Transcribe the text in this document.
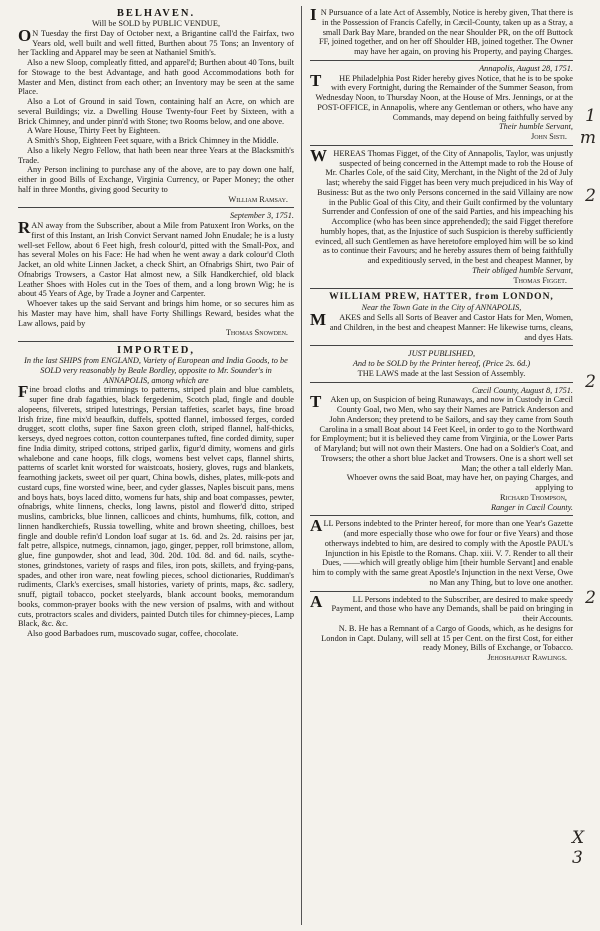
BELHAVEN.

Will be SOLD by PUBLIC VENDUE,

ON Tuesday the first Day of October next, a Brigantine call'd the Fairfax, two Years old, well built and well fitted, Burthen about 75 Tons; an Inventory of her Tackling and Apparel may be seen at Nathaniel Smith's.

Also a new Sloop, compleatly fitted, and apparel'd; Burthen about 40 Tons, built for Stowage to the best Advantage, and hath good Accommodations both for Master and Men, distinct from each other; an Inventory may be seen at the same Place.

Also a Lot of Ground in said Town, containing half an Acre, on which are several Buildings; viz. a Dwelling House Twenty-four Feet by Sixteen, with a Brick Chimney, and under pinn'd with Stone; two Rooms below, and one above.

A Ware House, Thirty Feet by Eighteen.

A Smith's Shop, Eighteen Feet square, with a Brick Chimney in the Middle.

Also a likely Negro Fellow, that hath been near three Years at the Blacksmith's Trade.

Any Person inclining to purchase any of the above, are to pay down one half, either in good Bills of Exchange, Virginia Currency, or Paper Money; the other half in three Months, giving good Security to

William Ramsay.

September 3, 1751.

RAN away from the Subscriber, about a Mile from Patuxent Iron Works, on the first of this Instant, an Irish Convict Servant named John Enudale; he is a lusty well-set Fellow, about 6 Feet high, fresh colour'd, pitted with the Small-Pox, and has several Moles on his Face: He had when he went away a dark colour'd Cloth Jacket, an old white Linnen Jacket, a check Shirt, an Ofnabrigs Shirt, two Pair of Ofnabrigs Trowsers, a Castor Hat almost new, a Silk Handkerchief, old black Leather Shoes with Holes cut in the Toes of them, and a long brown Wig; he is about 45 Years of Age, by Trade a Joyner and Carpenter.

Whoever takes up the said Servant and brings him home, or so secures him as his Master may have him, shall have Forty Shillings Reward, besides what the Law allows, paid by

Thomas Snowden.

IMPORTED,

In the last SHIPS from ENGLAND, Variety of European and India Goods, to be SOLD very reasonably by Beale Bordley, opposite to Mr. Sounder's in ANNAPOLIS, among which are

Fine broad cloths and trimmings to patterns, striped plain and blue camblets, super fine drab fagathies, black fergedenim, Scotch plad, fingle and double alopeens, filverets, striped lutestrings, Persian taffeties, scarlet bays, fine broad Irish frize, fine mix'd beaufkin, duffels, spotted flannel, imbossed ferges, corded drugget, scott cloths, super fine Saxon green cloth, striped flannel, half-thicks, kerseys, dyed negroes cotton, cotton counterpanes tufted, fine corded dimity, super fine India dimity, striped cottons, striped garlix, figur'd dimity, womens and girls whalebone and cane hoops, filk clogs, womens best velvet caps, flannel shirts, patterns of scarlet knit worsted for waistcoats, hosiery, gloves, rugs and blankets, fearnothing jackets, sweet oil per quart, China bowls, dishes, plates, milk-pots and custard cups, fine worsted wine, beer, and cyder glasses, Naples biscuit pans, mens and boys hats, boys laced ditto, womens fur hats, ship and boat compasses, pewter, ofnabrigs, white linnens, checks, long lawns, pistol and flower'd ditto, striped muslins, cambricks, blue linnen, callicoes and chints, humhums, filk, cotton, and linnen handkerchiefs, Russia towelling, white and brown sheeting, chilloes, best fingle and double refin'd London loaf sugar at 1s. 6d. and 2s. 2d. raisins per jar, falt petre, allspice, nutmegs, cinnamon, jago, ginger, pepper, roll brimstone, allom, glue, fine gunpowder, shot and lead, 30d. 20d. 10d. 8d. and 6d. nails, scythe-stones, grindstones, variety of rasps and files, iron pots, skillets, and frying-pans, spades, and other iron ware, neat fowling pieces, school dictionaries, Ruddiman's rudiments, Clark's exercises, small histories, variety of prints, maps, &c. sadlery, snuff, pigtail tobacco, pocket steelyards, blank account books, memorandum books, common-prayer books with the new version of psalms, with and without cuts, protractors scales and dividers, painted Dutch tiles for chimney-pieces, Lamp Black, &c. &c.

Also good Barbadoes rum, muscovado sugar, coffee, chocolate.

IN Pursuance of a late Act of Assembly, Notice is hereby given, That there is in the Possession of Francis Cafelly, in Cæcil-County, taken up as a Stray, a small Dark Bay Mare, branded on the near Shoulder PR, on the off Buttock FF, joined together, and on her off Shoulder HB, joined together. The Owner may have her again, on proving his Property, and paying Charges.

Annapolis, August 28, 1751.

THE Philadelphia Post Rider hereby gives Notice, that he is to be spoke with every Fortnight, during the Remainder of the Summer Season, from Wednesday Noon, to Thursday Noon, at the House of Mrs. Jennings, or at the POST-OFFICE, in Annapolis, where any Gentleman or others, who have any Commands, may depend on being faithfully served by

Their humble Servant,

John Sisti.

WHEREAS Thomas Figget, of the City of Annapolis, Taylor, was unjustly suspected of being concerned in the Attempt made to rob the House of Mr. Charles Cole, of the said City, Merchant, in the Night of the 2d of July last; whereby the said Figget has been very much prejudiced in his Way of Business: But as the two only Persons concerned in the said Villainy are now in the Public Goal of this City, and their Guilt confirmed by the voluntary Surrender and Confession of one of the said Parties, and his impeaching his Accomplice (who has been since apprehended); the said Figget therefore humbly hopes, that, as the Injustice of such Suspicion is thereby sufficiently evinced, all such Gentlemen as have heretofore employed him will be so kind as to continue their Favours; and he hereby assures them of being faithfully and expeditiously served, in the best and cheapest Manner, by

Their obliged humble Servant,

Thomas Figget.

WILLIAM PREW, HATTER, from LONDON,

Near the Town Gate in the City of ANNAPOLIS,

MAKES and Sells all Sorts of Beaver and Castor Hats for Men, Women, and Children, in the best and cheapest Manner: He likewise turns, cleans, and dyes Hats.

JUST PUBLISHED,

And to be SOLD by the Printer hereof, (Price 2s. 6d.)

THE LAWS made at the last Session of Assembly.

Cæcil County, August 8, 1751.

TAken up, on Suspicion of being Runaways, and now in Custody in Cæcil County Goal, two Men, who say their Names are Patrick Anderson and John Anderson; they pretend to be Sailors, and say they came from South Carolina in a small Boat about 14 Feet Keel, in order to go to the Northward for Employment; but it is believed they came from Virginia, or the Lower Parts of Maryland; but will not own their Masters. One had on a Soldier's Coat, and Trowsers; the other a short blue Jacket and Trowsers. One is a short well set Man; the other a tall elderly Man.

Whoever owns the said Boat, may have her, on paying Charges, and applying to

Richard Thompson,

Ranger in Cæcil County.

ALL Persons indebted to the Printer hereof, for more than one Year's Gazette (and more especially those who owe for four or five Years) and those otherways indebted to him, are desired to comply with the Apostle PAUL's Injunction in his Epistle to the Romans. Chap. xiii. V. 7. Render to all their Dues, ——which will greatly oblige him [their humble Servant] and enable him to comply with the same great Apostle's Injunction in the next Verse, Owe no Man any Thing, but to love one another.

ALL Persons indebted to the Subscriber, are desired to make speedy Payment, and those who have any Demands, shall be paid on bringing in their Accounts.

N. B. He has a Remnant of a Cargo of Goods, which, as he designs for London in Capt. Dulany, will sell at 15 per Cent. on the first Cost, for either ready Money, Bills of Exchange, or Tobacco.

Jehoshaphat Rawlings.

1
m
2
2
2
X 3
